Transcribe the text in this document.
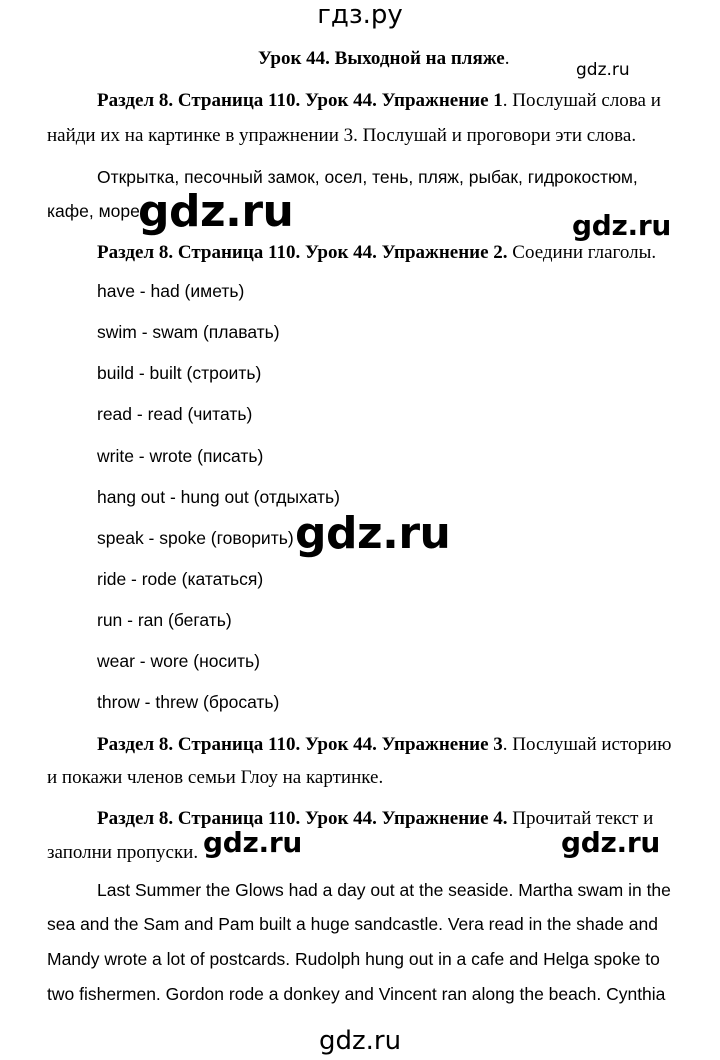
гдз.ру
Урок 44. Выходной на пляже.
gdz.ru
Раздел 8. Страница 110. Урок 44. Упражнение 1. Послушай слова и
найди их на картинке в упражнении 3. Послушай и проговори эти слова.
Открытка, песочный замок, осел, тень, пляж, рыбак, гидрокостюм,
кафе, море.
gdz.ru	gdz.ru
Раздел 8. Страница 110. Урок 44. Упражнение 2. Соедини глаголы.
have - had (иметь)
swim - swam (плавать)
build - built (строить)
read - read (читать)
write - wrote (писать)
hang out - hung out (отдыхать)
speak - spoke (говорить)
ride - rode (кататься)
run - ran (бегать)
wear - wore (носить)
throw - threw (бросать)
gdz.ru
Раздел 8. Страница 110. Урок 44. Упражнение 3. Послушай историю
и покажи членов семьи Глоу на картинке.
Раздел 8. Страница 110. Урок 44. Упражнение 4. Прочитай текст и
заполни пропуски. gdz.ru	gdz.ru
Last Summer the Glows had a day out at the seaside. Martha swam in the
sea and the Sam and Pam built a huge sandcastle. Vera read in the shade and
Mandy wrote a lot of postcards. Rudolph hung out in a cafe and Helga spoke to
two fishermen. Gordon rode a donkey and Vincent ran along the beach. Cynthia
gdz.ru
